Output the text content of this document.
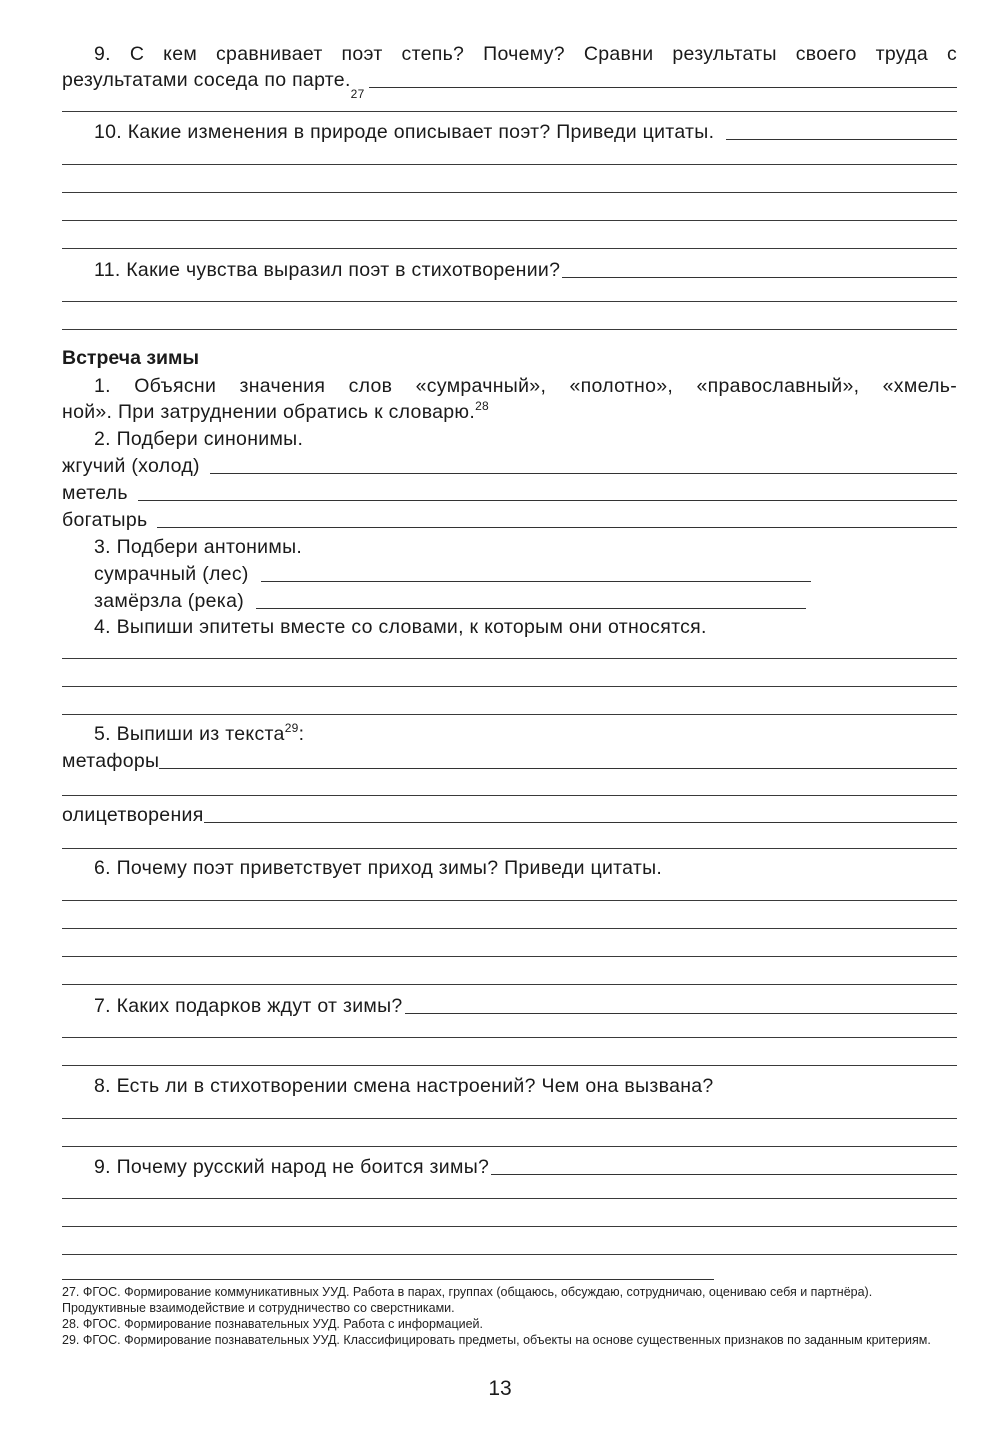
9. С кем сравнивает поэт степь? Почему? Сравни результаты своего труда с
результатами соседа по парте.
27
10. Какие изменения в природе описывает поэт? Приведи цитаты.
11. Какие чувства выразил поэт в стихотворении?
Встреча зимы
1. Объясни значения слов «сумрачный», «полотно», «православный», «хмель-
ной». При затруднении обратись к словарю.$^{28}$
2. Подбери синонимы.
жгучий (холод)
метель
богатырь
3. Подбери антонимы.
сумрачный (лес)
замёрзла (река)
4. Выпиши эпитеты вместе со словами, к которым они относятся.
5. Выпиши из текста$^{29}$:
метафоры
олицетворения
6. Почему поэт приветствует приход зимы? Приведи цитаты.
7. Каких подарков ждут от зимы?
8. Есть ли в стихотворении смена настроений? Чем она вызвана?
9. Почему русский народ не боится зимы?
27. ФГОС. Формирование коммуникативных УУД. Работа в парах, группах (общаюсь, обсуждаю, сотрудничаю, оцениваю себя и партнёра). Продуктивные взаимодействие и сотрудничество со сверстниками.
28. ФГОС. Формирование познавательных УУД. Работа с информацией.
29. ФГОС. Формирование познавательных УУД. Классифицировать предметы, объекты на основе существенных признаков по заданным критериям.
13
